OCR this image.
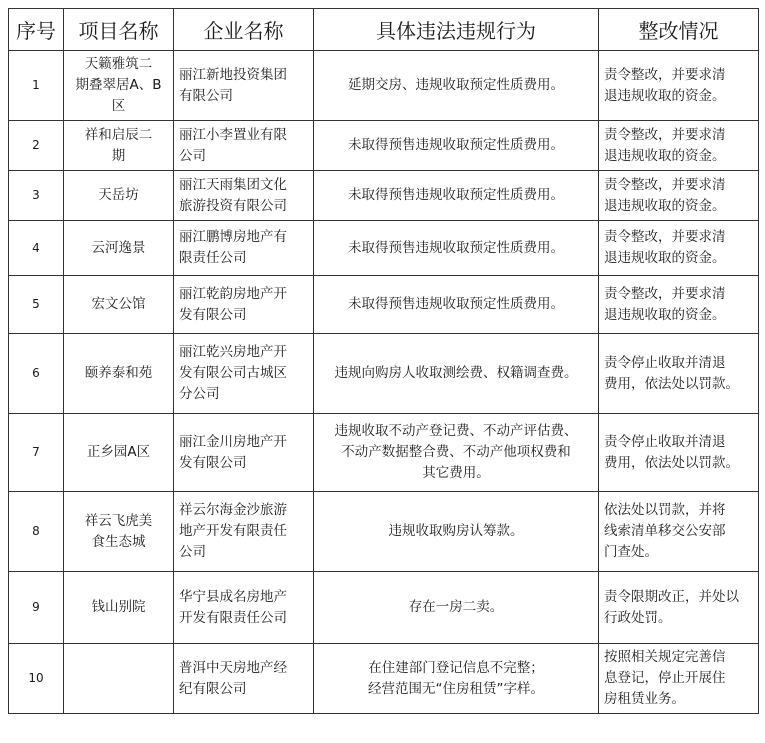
序号	项目名称	企业名称	具体违法违规行为	整改情况
1	天籁雅筑二
期叠翠居A、B
区	丽江新地投资集团
有限公司	延期交房、违规收取预定性质费用。	责令整改，并要求清
退违规收取的资金。

2	祥和启辰二
期	丽江小李置业有限
公司	未取得预售违规收取预定性质费用。	责令整改，并要求清
退违规收取的资金。

3	天岳坊	丽江天雨集团文化
旅游投资有限公司	未取得预售违规收取预定性质费用。	责令整改，并要求清
退违规收取的资金。

4	云河逸景	丽江鹏博房地产有
限责任公司	未取得预售违规收取预定性质费用。	责令整改，并要求清
退违规收取的资金。

5	宏文公馆	丽江乾韵房地产开
发有限公司	未取得预售违规收取预定性质费用。	责令整改，并要求清
退违规收取的资金。

6	颐养泰和苑	丽江乾兴房地产开
发有限公司古城区
分公司	违规向购房人收取测绘费、权籍调查费。	责令停止收取并清退
费用，依法处以罚款。

7	正乡园A区	丽江金川房地产开
发有限公司	违规收取不动产登记费、不动产评估费、
不动产数据整合费、不动产他项权费和
其它费用。	责令停止收取并清退
费用，依法处以罚款。

8	祥云飞虎美
食生态城	祥云尔海金沙旅游
地产开发有限责任
公司	违规收取购房认筹款。	依法处以罚款，并将
线索清单移交公安部
门查处。

9	钱山别院	华宁县成名房地产
开发有限责任公司	存在一房二卖。	责令限期改正，并处以
行政处罚。

10		普洱中天房地产经
纪有限公司	在住建部门登记信息不完整；
经营范围无“住房租赁”字样。	按照相关规定完善信
息登记，停止开展住
房租赁业务。
